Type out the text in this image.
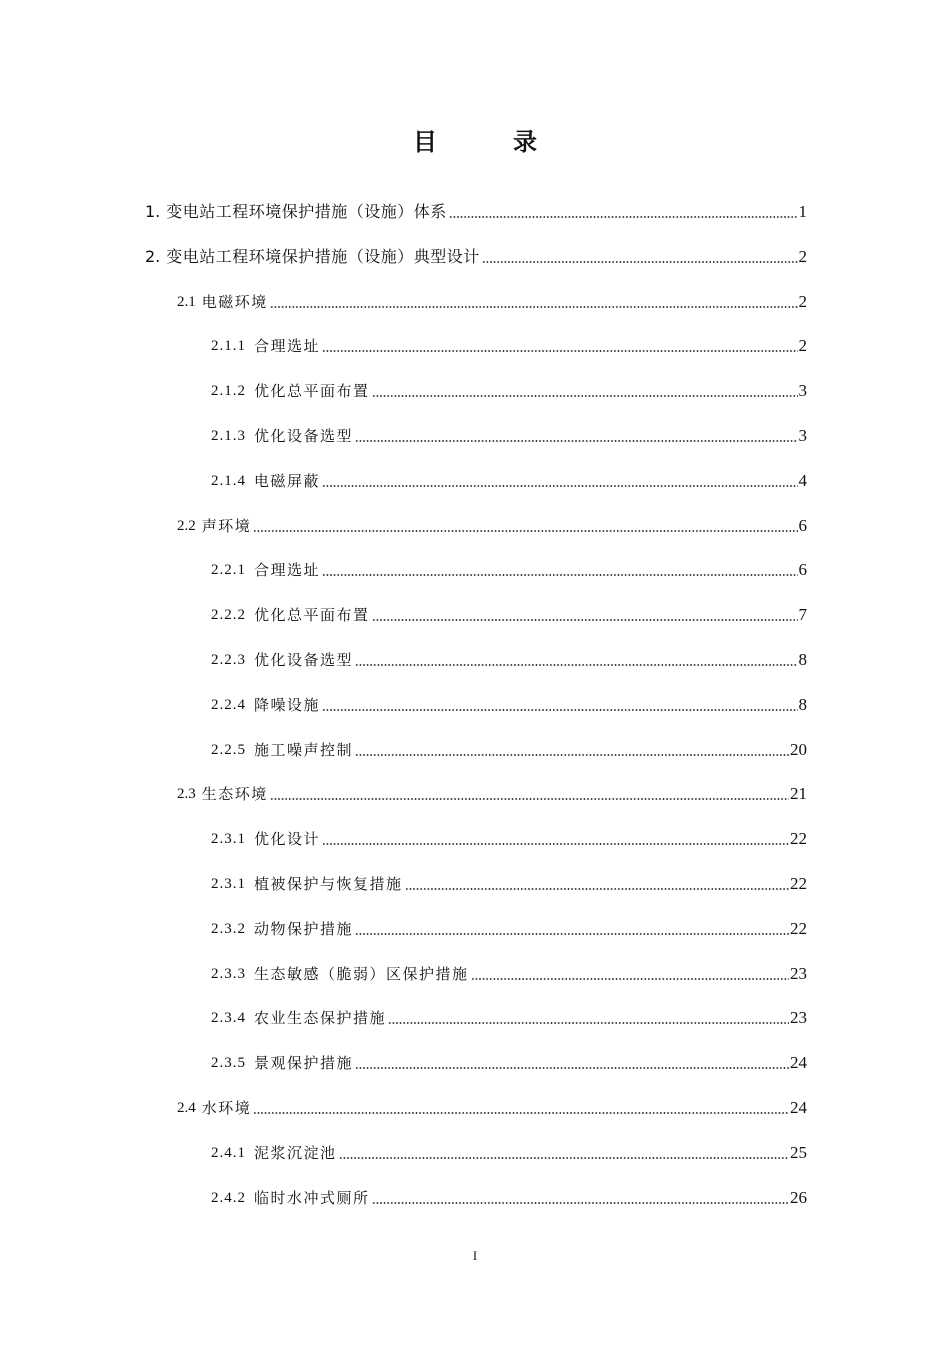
目　录
1. 变电站工程环境保护措施（设施）体系	1
2. 变电站工程环境保护措施（设施）典型设计	2
2.1 电磁环境	2
2.1.1 合理选址	2
2.1.2 优化总平面布置	3
2.1.3 优化设备选型	3
2.1.4 电磁屏蔽	4
2.2 声环境	6
2.2.1 合理选址	6
2.2.2 优化总平面布置	7
2.2.3 优化设备选型	8
2.2.4 降噪设施	8
2.2.5 施工噪声控制	20
2.3 生态环境	21
2.3.1 优化设计	22
2.3.1 植被保护与恢复措施	22
2.3.2 动物保护措施	22
2.3.3 生态敏感（脆弱）区保护措施	23
2.3.4 农业生态保护措施	23
2.3.5 景观保护措施	24
2.4 水环境	24
2.4.1 泥浆沉淀池	25
2.4.2 临时水冲式厕所	26
I
